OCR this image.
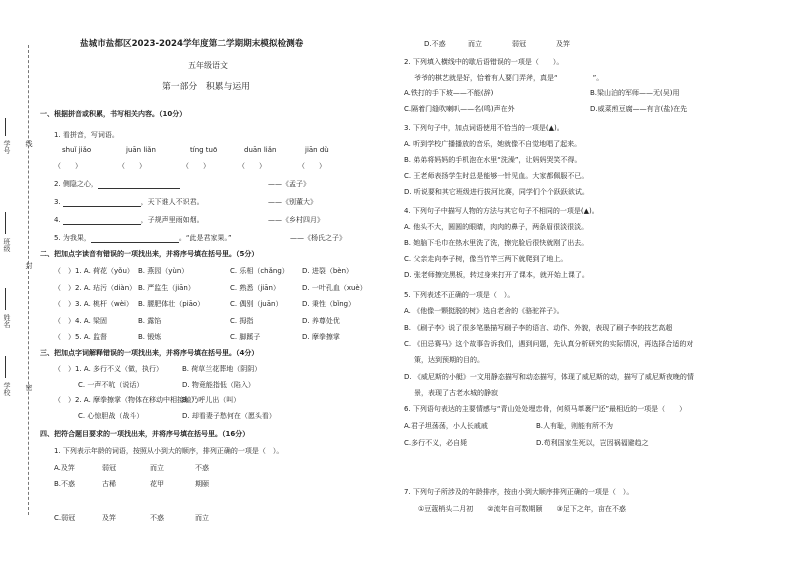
学号
班级
姓名
学校
线
封
密
盐城市盐都区2023-2024学年度第二学期期末模拟检测卷
五年级语文
第一部分　积累与运用
一、根据拼音或积累，书写相关内容。（10分）
1. 看拼音，写词语。
shuǐ jiǎo	juān liǎn	tíng tuō	duān liǎn	jiān dù
（　　）	（　　）	（　　）	（　　）	（　　）
2. 侧隐之心，	——《孟子》
3.	，天下谁人不识君。	——《别董大》
4.	，子规声里雨如烟。	——《乡村四月》
5. 为我果，	。“此是君家果。”	——《杨氏之子》
二、把加点字读音有错误的一项找出来，并将序号填在括号里。（5分）
（　）1. A. 荷花（yǒu） B. 燕园（yùn）	C. 乐相（chǎng） D. 进裂（bèn）
（　）2. A. 玷污（diàn） B. 严监生（jiān）	C. 熟悉（jiān）	D. 一叶孔血（xuè）
（　）3. A. 桃杆（wèi） B. 腰肥体壮（piāo）	C. 偶别（juān）	D. 秉性（bǐng）
（　）4. A. 梁固	B. 露馅	C. 拇指	D. 养尊处优
（　）5. A. 监督	B. 锻炼	C. 脚蹊子	D. 摩拳擦掌
三、把加点字词解释错误的一项找出来，并将序号填在括号里。（4分）
（　）1. A. 多行不义（做，执行）	B. 荷草兰花葬地（阴阴）
C. 一声不吭（说话）	D. 物竟能指低（陷入）
（　）2. A. 摩拳擦掌（物体在移动中相接触）
B. 乃呼儿出（叫）
C. 心惊胆战（战斗）	D. 却看妻子愁何在（愿头看）
四、把符合题目要求的一项找出来，并将序号填在括号里。（16分）
1. 下列表示年龄的词语，按照从小到大的顺序，排列正确的一项是（　）。
A.及笄	弱冠	而立	不惑
B.不惑	古稀	花甲	期颐
C.弱冠	及笄	不惑	而立
D.不惑	而立	弱冠	及笄
2. 下列填入横线中的歇后语错误的一项是（　　）。
爷爷的棋艺就是好，恰着有人要门弄斧，真是“　　　　　”。
A.铁打的手下坡——不能(辞)	B.梁山泊的军师——无(吴)用
C.隔着门缝吹喇叭——名(鸣)声在外	D.威菜煎豆腐——有言(盐)在先
3. 下列句子中，加点词语使用不恰当的一项是(▲)。
A. 听到学校广播播放的音乐，她就像不自觉地唱了起来。
B. 弟弟将妈妈的手机泡在水里“洗澡”，让妈妈哭笑不得。
C. 王老师表扬学生时总是能够一针见血。大家都佩服不已。
D. 听说要和其它班级进行拔河比赛，同学们个个跃跃欲试。
4. 下列句子中描写人物的方法与其它句子不相同的一项是(▲)。
A. 他头不大，圆圆的眼睛，肉肉的鼻子，两条眉很淡很淡。
B. 她脑下毛巾在热水里洗了洗，擦完脸后很快就刚了出去。
C. 父亲走向李子树，像当竹竿三两下就爬到了地上。
D. 张老师擦完黑板，转过身来打开了课本，就开始上课了。
5. 下列表述不正确的一项是（　）。
A. 《他像一颗挺脱的树》选自老舍的《骆驼祥子》。
B. 《刷子李》说了很多笔墨描写刷子李的语言、动作、外貌，表现了刷子李的技艺高超
C. 《田忌赛马》这个故事告诉我们，遇到问题，先认真分析研究的实际情况，再选择合适的对
策，达到预期的目的。
D. 《威尼斯的小艇》一文用静态描写和动态描写，体现了威尼斯的动，描写了威尼斯夜晚的情
景，表现了古老水城的静寂
6. 下列语句表达的主要情感与“青山处处埋忠骨，何须马革裹尸还”最相近的一项是（　　）
A.君子坦荡荡，小人长戚戚	B.人有耻，则能有所不为
C.多行不义，必自毙	D.苟利国家生死以，岂因祸福避趋之
7. 下列句子所涉及的年龄排序，按由小到大顺序排列正确的一项是（　）。
①豆蔻梢头二月初　　②流年自可数期颐　　③足下之年，亩在不惑
